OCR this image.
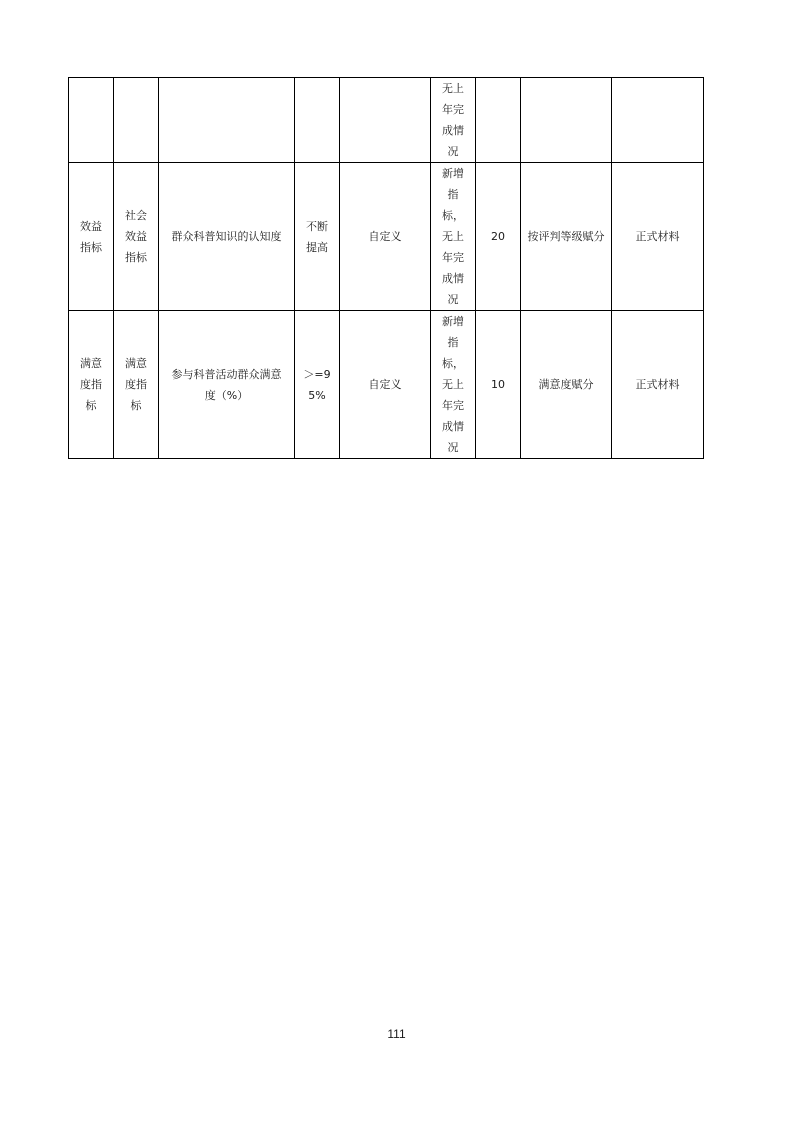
					无上年完成情况			
效益指标	社会效益指标	群众科普知识的认知度	不断提高	自定义	新增指标，无上年完成情况	20	按评判等级赋分	正式材料
满意度指标	满意度指标	参与科普活动群众满意度（%）	＞=95%	自定义	新增指标，无上年完成情况	10	满意度赋分	正式材料
111
